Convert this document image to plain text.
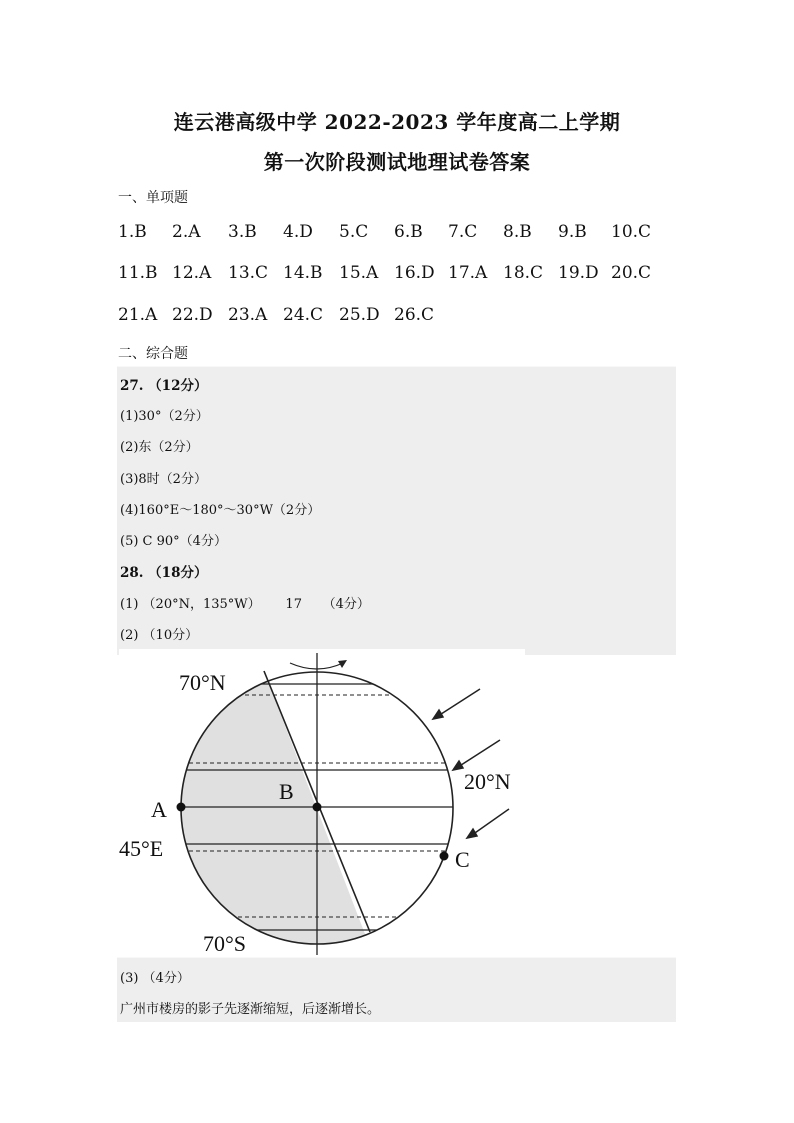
连云港高级中学 2022-2023 学年度高二上学期
第一次阶段测试地理试卷答案
一、单项题
1.B 2.A 3.B 4.D 5.C 6.B 7.C 8.B 9.B 10.C
11.B 12.A 13.C 14.B 15.A 16.D 17.A 18.C 19.D 20.C
21.A 22.D 23.A 24.C 25.D 26.C
二、综合题
27. （12分）
(1)30°（2分）
(2)东（2分）
(3)8时（2分）
(4)160°E～180°～30°W（2分）
(5) C 90°（4分）
28. （18分）
(1) （20°N，135°W）      17     （4分）
(2) （10分）
70°N
20°N
A
B
C
45°E
70°S
(3) （4分）
广州市楼房的影子先逐渐缩短，后逐渐增长。
